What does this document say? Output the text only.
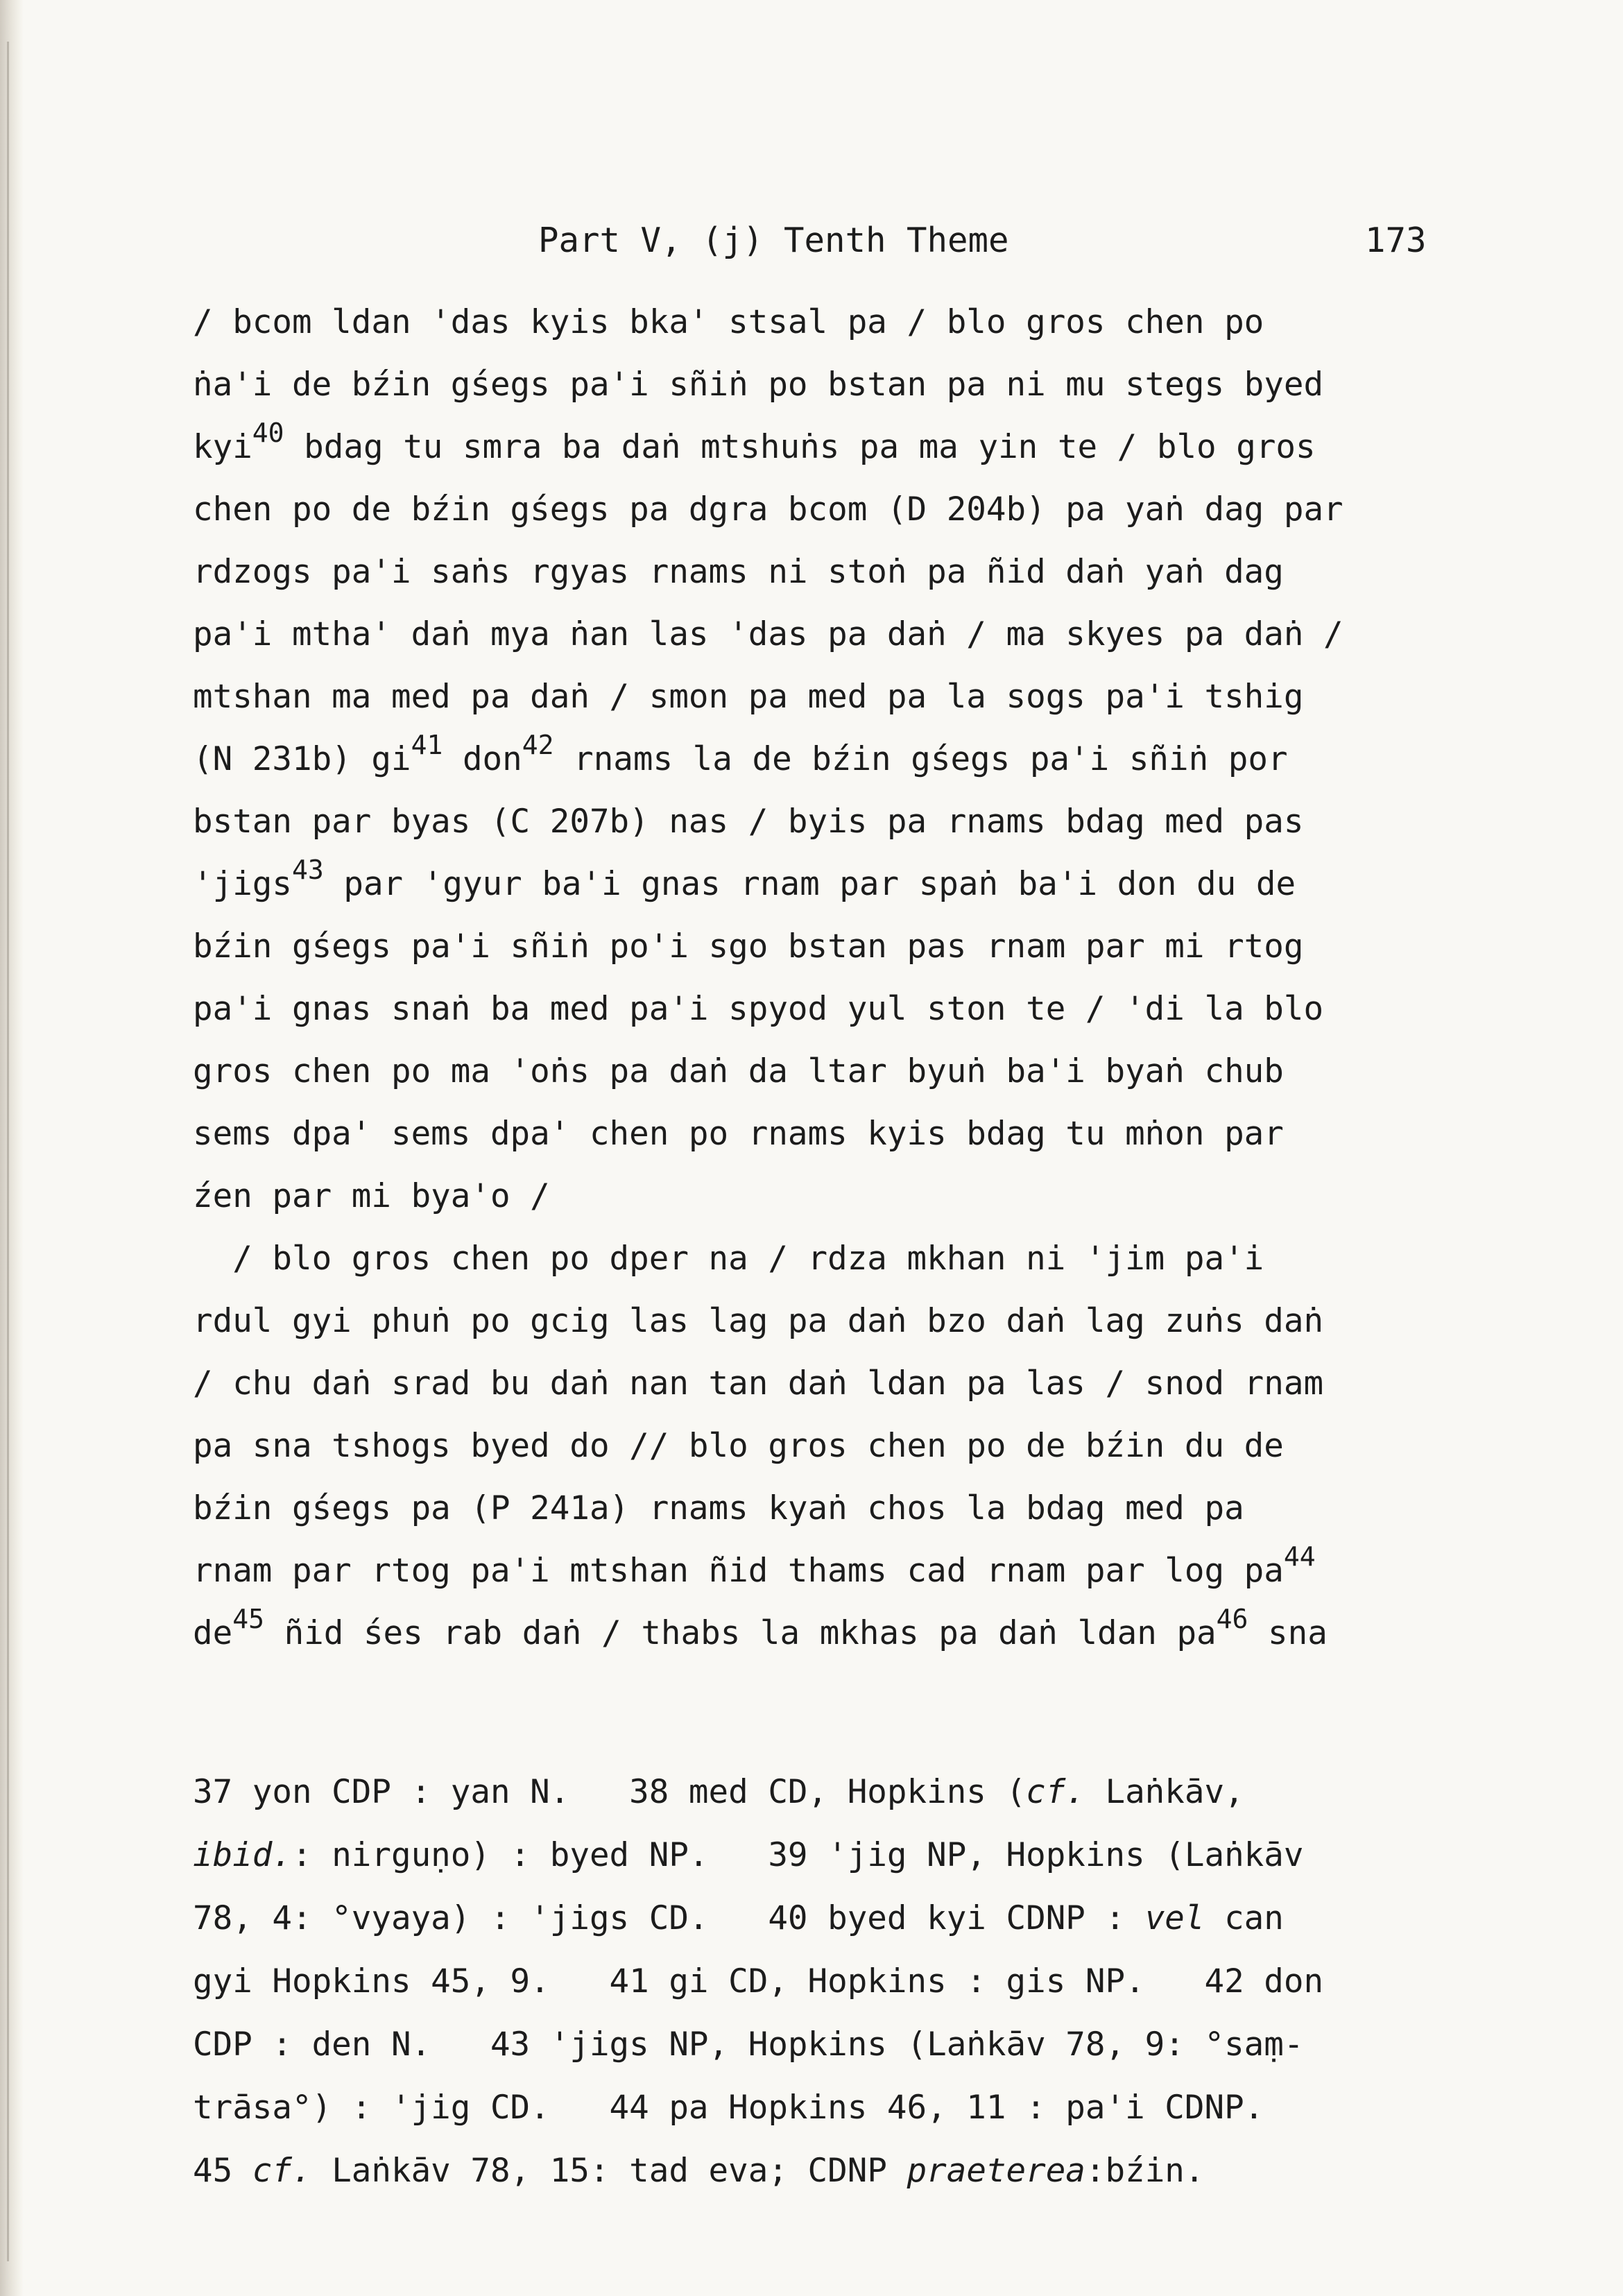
Part V, (j) Tenth Theme	173
/ bcom ldan 'das kyis bka' stsal pa / blo gros chen po
ṅa'i de bźin gśegs pa'i sñiṅ po bstan pa ni mu stegs byed
kyi$^{40}$ bdag tu smra ba daṅ mtshuṅs pa ma yin te / blo gros
chen po de bźin gśegs pa dgra bcom (D 204b) pa yaṅ dag par
rdzogs pa'i saṅs rgyas rnams ni stoṅ pa ñid daṅ yaṅ dag
pa'i mtha' daṅ mya ṅan las 'das pa daṅ / ma skyes pa daṅ /
mtshan ma med pa daṅ / smon pa med pa la sogs pa'i tshig
(N 231b) $gi^{41}$ don$^{42}$ rnams la de bźin gśegs pa'i sñiṅ por
bstan par byas (C 207b) nas / byis pa rnams bdag med pas
'jigs$^{43}$ par 'gyur ba'i gnas rnam par spaṅ ba'i don du de
bźin gśegs pa'i sñiṅ po'i sgo bstan pas rnam par mi rtog
pa'i gnas snaṅ ba med pa'i spyod yul ston te / 'di la blo
gros chen po ma 'oṅs pa daṅ da ltar byuṅ ba'i byaṅ chub
sems dpa' sems dpa' chen po rnams kyis bdag tu mṅon par
źen par mi bya'o /
/ blo gros chen po dper na / rdza mkhan ni 'jim pa'i
rdul gyi phuṅ po gcig las lag pa daṅ bzo daṅ lag zuṅs daṅ
/ chu daṅ srad bu daṅ nan tan daṅ ldan pa las / snod rnam
pa sna tshogs byed do // blo gros chen po de bźin du de
bźin gśegs pa (P 241a) rnams kyaṅ chos la bdag med pa
rnam par rtog pa'i mtshan ñid thams cad rnam par $\log pa^{44}$
$de^{45}$ ñid śes rab daṅ / thabs la mkhas pa daṅ ldan $pa^{46}$ sna
37 yon CDP : yan N.   38 med CD, Hopkins (cf. Laṅkāv,
ibid.: nirguṇo) : byed NP.   39 'jig NP, Hopkins (Laṅkāv
78, 4: °vyaya) : 'jigs CD.   40 byed kyi CDNP : vel can
gyi Hopkins 45, 9.   41 gi CD, Hopkins : gis NP.   42 don
CDP : den N.   43 'jigs NP, Hopkins (Laṅkāv 78, 9: °saṃ-
trāsa°) : 'jig CD.   44 pa Hopkins 46, 11 : pa'i CDNP.
45 cf. Laṅkāv 78, 15: tad eva; CDNP praeterea:bźin.
